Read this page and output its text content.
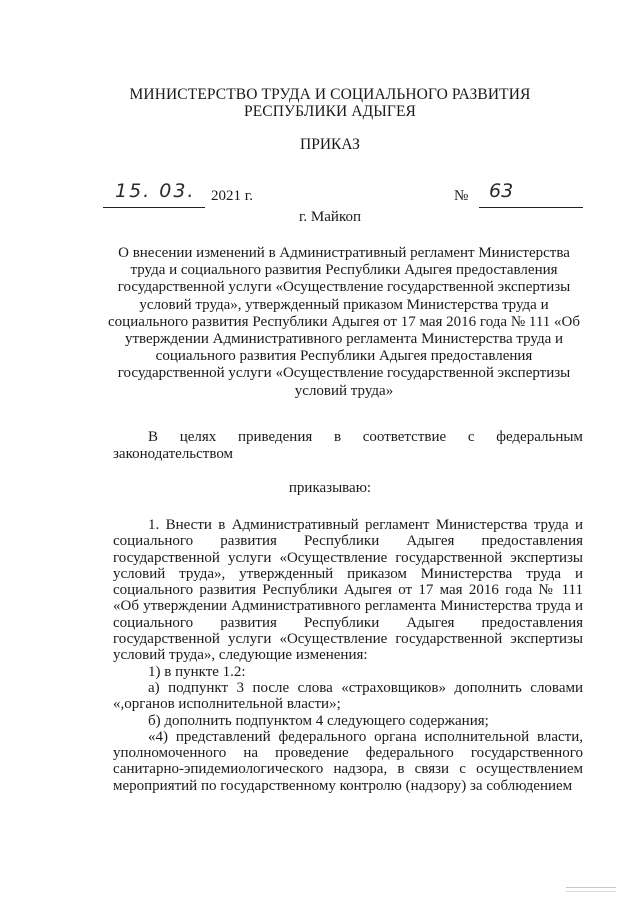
МИНИСТЕРСТВО ТРУДА И СОЦИАЛЬНОГО РАЗВИТИЯ
РЕСПУБЛИКИ АДЫГЕЯ
ПРИКАЗ
15. 03.	2021 г.	№	63
г. Майкоп
О внесении изменений в Административный регламент Министерства труда и социального развития Республики Адыгея предоставления государственной услуги «Осуществление государственной экспертизы условий труда», утвержденный приказом Министерства труда и социального развития Республики Адыгея от 17 мая 2016 года № 111 «Об утверждении Административного регламента Министерства труда и социального развития Республики Адыгея предоставления государственной услуги «Осуществление государственной экспертизы условий труда»
В целях приведения в соответствие с федеральным
законодательством
приказываю:

1. Внести в Административный регламент Министерства труда и социального развития Республики Адыгея предоставления государственной услуги «Осуществление государственной экспертизы условий труда», утвержденный приказом Министерства труда и социального развития Республики Адыгея от 17 мая 2016 года № 111 «Об утверждении Административного регламента Министерства труда и социального развития Республики Адыгея предоставления государственной услуги «Осуществление государственной экспертизы условий труда», следующие изменения:

1) в пункте 1.2:

а) подпункт 3 после слова «страховщиков» дополнить словами «,органов исполнительной власти»;

б) дополнить подпунктом 4 следующего содержания;

«4) представлений федерального органа исполнительной власти, уполномоченного на проведение федерального государственного санитарно-эпидемиологического надзора, в связи с осуществлением мероприятий по государственному контролю (надзору) за соблюдением
